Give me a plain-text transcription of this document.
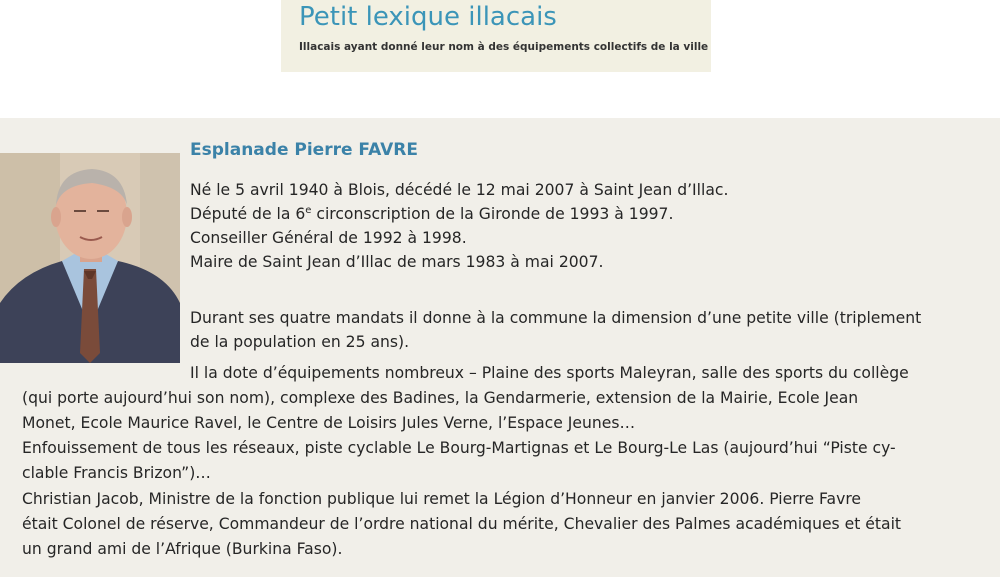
Petit lexique illacais
Illacais ayant donné leur nom à des équipements collectifs de la ville
Esplanade Pierre FAVRE
Né le 5 avril 1940 à Blois, décédé le 12 mai 2007 à Saint Jean d’Illac.
Député de la 6e circonscription de la Gironde de 1993 à 1997.
Conseiller Général de 1992 à 1998.
Maire de Saint Jean d’Illac de mars 1983 à mai 2007.
Durant ses quatre mandats il donne à la commune la dimension d’une petite ville (triplement
de la population en 25 ans).
Il la dote d’équipements nombreux – Plaine des sports Maleyran, salle des sports du collège
(qui porte aujourd’hui son nom), complexe des Badines, la Gendarmerie, extension de la Mairie, Ecole Jean
Monet, Ecole Maurice Ravel, le Centre de Loisirs Jules Verne, l’Espace Jeunes…
Enfouissement de tous les réseaux, piste cyclable Le Bourg-Martignas et Le Bourg-Le Las (aujourd’hui “Piste cy-
clable Francis Brizon”)…
Christian Jacob, Ministre de la fonction publique lui remet la Légion d’Honneur en janvier 2006. Pierre Favre
était Colonel de réserve, Commandeur de l’ordre national du mérite, Chevalier des Palmes académiques et était
un grand ami de l’Afrique (Burkina Faso).
